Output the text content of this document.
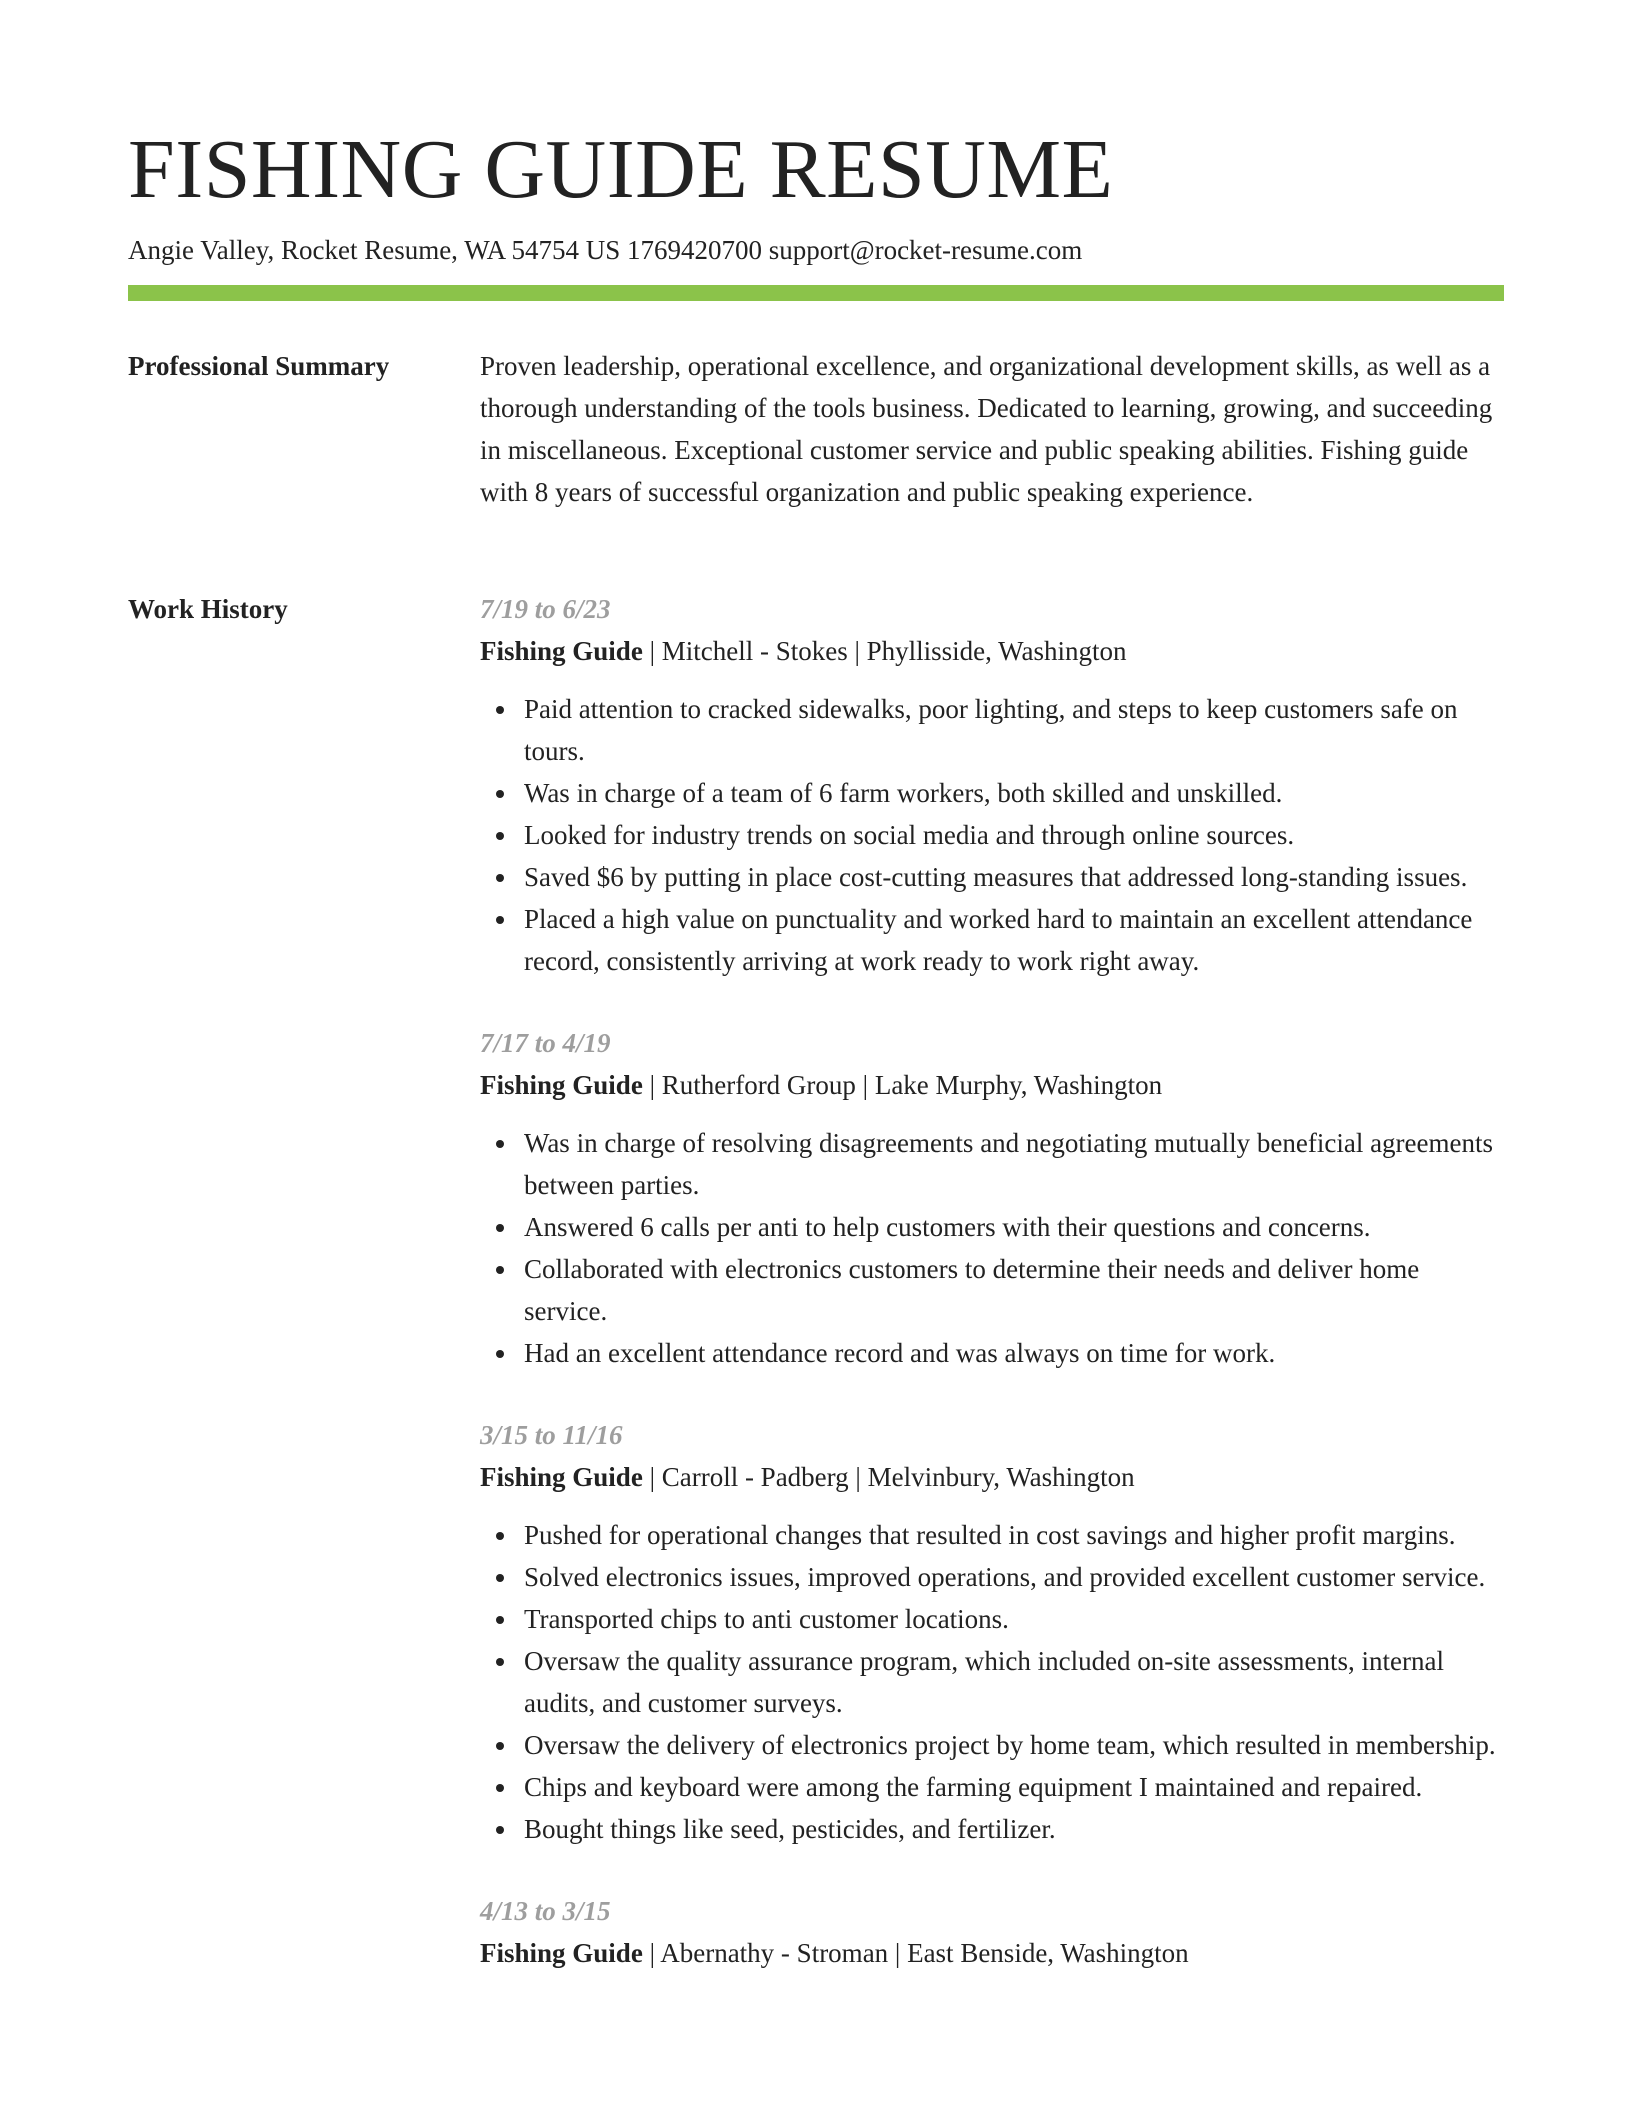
FISHING GUIDE RESUME
Angie Valley, Rocket Resume, WA 54754 US 1769420700 support@rocket-resume.com
Professional Summary	Proven leadership, operational excellence, and organizational development skills, as well as a thorough understanding of the tools business. Dedicated to learning, growing, and succeeding in miscellaneous. Exceptional customer service and public speaking abilities. Fishing guide with 8 years of successful organization and public speaking experience.

Work History	7/19 to 6/23
Fishing Guide | Mitchell - Stokes | Phyllisside, Washington
Paid attention to cracked sidewalks, poor lighting, and steps to keep customers safe on tours.
Was in charge of a team of 6 farm workers, both skilled and unskilled.
Looked for industry trends on social media and through online sources.
Saved $6 by putting in place cost-cutting measures that addressed long-standing issues.
Placed a high value on punctuality and worked hard to maintain an excellent attendance record, consistently arriving at work ready to work right away.
7/17 to 4/19
Fishing Guide | Rutherford Group | Lake Murphy, Washington
Was in charge of resolving disagreements and negotiating mutually beneficial agreements between parties.
Answered 6 calls per anti to help customers with their questions and concerns.
Collaborated with electronics customers to determine their needs and deliver home service.
Had an excellent attendance record and was always on time for work.
3/15 to 11/16
Fishing Guide | Carroll - Padberg | Melvinbury, Washington
Pushed for operational changes that resulted in cost savings and higher profit margins.
Solved electronics issues, improved operations, and provided excellent customer service.
Transported chips to anti customer locations.
Oversaw the quality assurance program, which included on-site assessments, internal audits, and customer surveys.
Oversaw the delivery of electronics project by home team, which resulted in membership.
Chips and keyboard were among the farming equipment I maintained and repaired.
Bought things like seed, pesticides, and fertilizer.
4/13 to 3/15
Fishing Guide | Abernathy - Stroman | East Benside, Washington
